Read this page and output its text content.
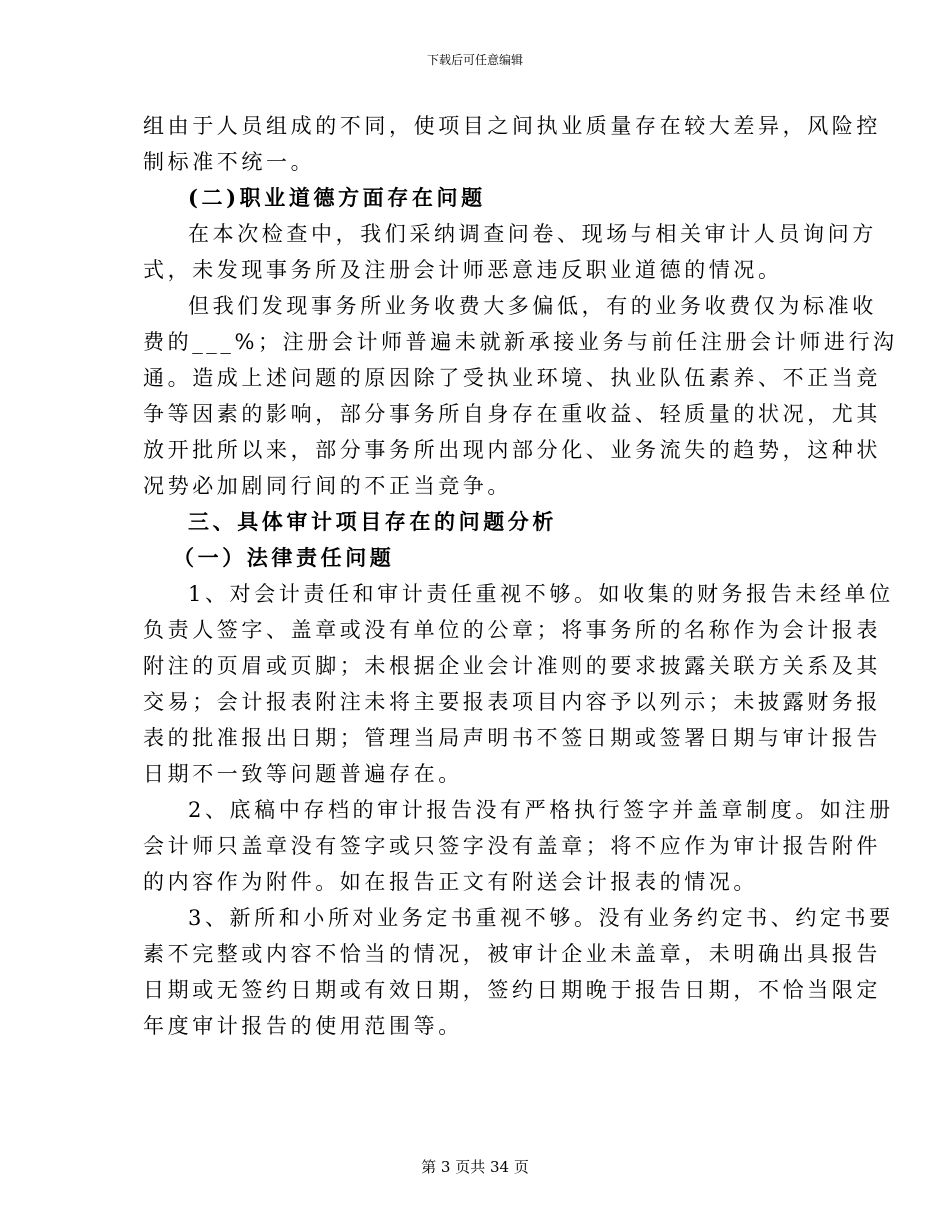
下载后可任意编辑
组由于人员组成的不同，使项目之间执业质量存在较大差异，风险控
制标准不统一。
(二)职业道德方面存在问题
在本次检查中，我们采纳调查问卷、现场与相关审计人员询问方
式，未发现事务所及注册会计师恶意违反职业道德的情况。
但我们发现事务所业务收费大多偏低，有的业务收费仅为标准收
费的___%；注册会计师普遍未就新承接业务与前任注册会计师进行沟
通。造成上述问题的原因除了受执业环境、执业队伍素养、不正当竞
争等因素的影响，部分事务所自身存在重收益、轻质量的状况，尤其
放开批所以来，部分事务所出现内部分化、业务流失的趋势，这种状
况势必加剧同行间的不正当竞争。
三、具体审计项目存在的问题分析
（一）法律责任问题
1、对会计责任和审计责任重视不够。如收集的财务报告未经单位
负责人签字、盖章或没有单位的公章；将事务所的名称作为会计报表
附注的页眉或页脚；未根据企业会计准则的要求披露关联方关系及其
交易；会计报表附注未将主要报表项目内容予以列示；未披露财务报
表的批准报出日期；管理当局声明书不签日期或签署日期与审计报告
日期不一致等问题普遍存在。
2、底稿中存档的审计报告没有严格执行签字并盖章制度。如注册
会计师只盖章没有签字或只签字没有盖章；将不应作为审计报告附件
的内容作为附件。如在报告正文有附送会计报表的情况。
3、新所和小所对业务定书重视不够。没有业务约定书、约定书要
素不完整或内容不恰当的情况，被审计企业未盖章，未明确出具报告
日期或无签约日期或有效日期，签约日期晚于报告日期，不恰当限定
年度审计报告的使用范围等。
第 3 页共 34 页
